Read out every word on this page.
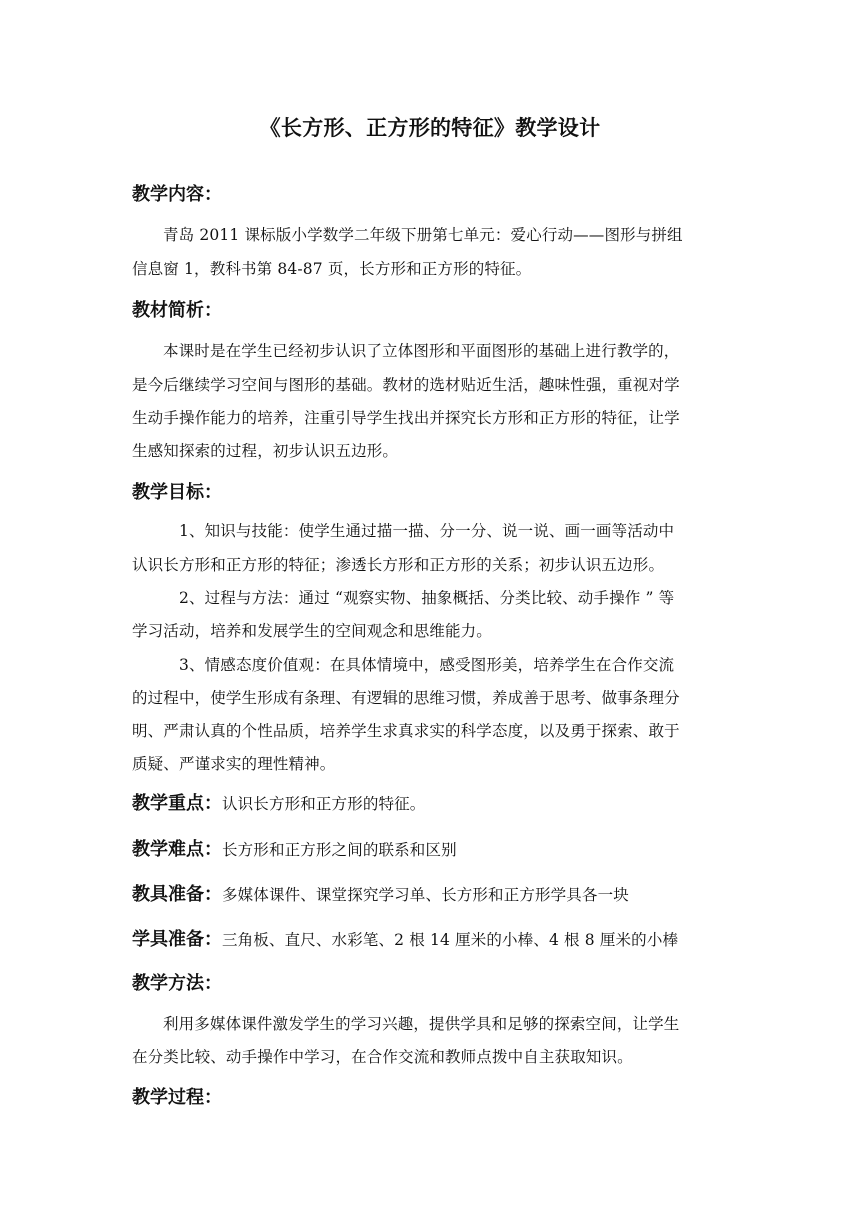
《长方形、正方形的特征》教学设计
教学内容：
青岛 2011 课标版小学数学二年级下册第七单元：爱心行动——图形与拼组
信息窗 1，教科书第 84-87 页，长方形和正方形的特征。
教材简析：
本课时是在学生已经初步认识了立体图形和平面图形的基础上进行教学的，
是今后继续学习空间与图形的基础。教材的选材贴近生活，趣味性强，重视对学
生动手操作能力的培养，注重引导学生找出并探究长方形和正方形的特征，让学
生感知探索的过程，初步认识五边形。
教学目标：
1、知识与技能：使学生通过描一描、分一分、说一说、画一画等活动中
认识长方形和正方形的特征；渗透长方形和正方形的关系；初步认识五边形。
2、过程与方法：通过 “观察实物、抽象概括、分类比较、动手操作 ” 等
学习活动，培养和发展学生的空间观念和思维能力。
3、情感态度价值观：在具体情境中，感受图形美，培养学生在合作交流
的过程中，使学生形成有条理、有逻辑的思维习惯，养成善于思考、做事条理分
明、严肃认真的个性品质，培养学生求真求实的科学态度，以及勇于探索、敢于
质疑、严谨求实的理性精神。
教学重点：认识长方形和正方形的特征。
教学难点：长方形和正方形之间的联系和区别
教具准备：多媒体课件、课堂探究学习单、长方形和正方形学具各一块
学具准备：三角板、直尺、水彩笔、2 根 14 厘米的小棒、4 根 8 厘米的小棒
教学方法：
利用多媒体课件激发学生的学习兴趣，提供学具和足够的探索空间，让学生
在分类比较、动手操作中学习，在合作交流和教师点拨中自主获取知识。
教学过程：
